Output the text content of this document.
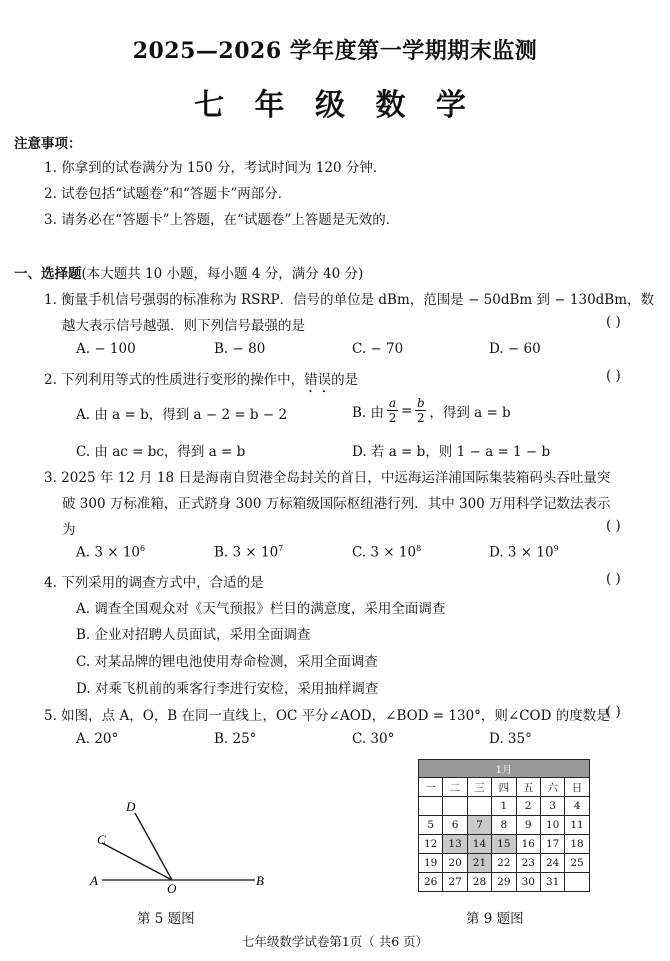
2025—2026 学年度第一学期期末监测
七 年 级 数 学
注意事项：
1. 你拿到的试卷满分为 150 分，考试时间为 120 分钟．
2. 试卷包括“试题卷”和“答题卡”两部分．
3. 请务必在“答题卡”上答题，在“试题卷”上答题是无效的．
一、选择题(本大题共 10 小题，每小题 4 分，满分 40 分)
1. 衡量手机信号强弱的标准称为 RSRP．信号的单位是 dBm，范围是 − 50dBm 到 − 130dBm，数
越大表示信号越强．则下列信号最强的是	( )
A. − 100	B. − 80	C. − 70	D. − 60
2. 下列利用等式的性质进行变形的操作中，错误的是	( )
A. 由 a = b，得到 a − 2 = b − 2	B. 由
a
2 = b
2 ，得到 a = b
C. 由 ac = bc，得到 a = b	D. 若 a = b，则 1 − a = 1 − b
3. 2025 年 12 月 18 日是海南自贸港全岛封关的首日，中远海运洋浦国际集装箱码头吞吐量突
破 300 万标准箱，正式跻身 300 万标箱级国际枢纽港行列．其中 300 万用科学记数法表示
为	( )
A. $3 \times 10^6$	B. $3 \times 10^7$	C. $3 \times 10^8$	D. $3 \times 10^9$
4. 下列采用的调查方式中，合适的是	( )
A. 调查全国观众对《天气预报》栏目的满意度，采用全面调查
B. 企业对招聘人员面试，采用全面调查
C. 对某品牌的锂电池使用寿命检测，采用全面调查
D. 对乘飞机前的乘客行李进行安检，采用抽样调查
5. 如图，点 A，O，B 在同一直线上，OC 平分∠AOD，∠BOD = 130°，则∠COD 的度数是
( )
A. 20°	B. 25°	C. 30°	D. 35°
A
O
B
C
D
第 5 题图
1月						
一	二	三	四	五	六	日
			1	2	3	4
5	6	7	8	9	10	11
12	13	14	15	16	17	18
19	20	21	22	23	24	25
26	27	28	29	30	31	
第 9 题图
七年级数学试卷第1页（ 共6 页）
